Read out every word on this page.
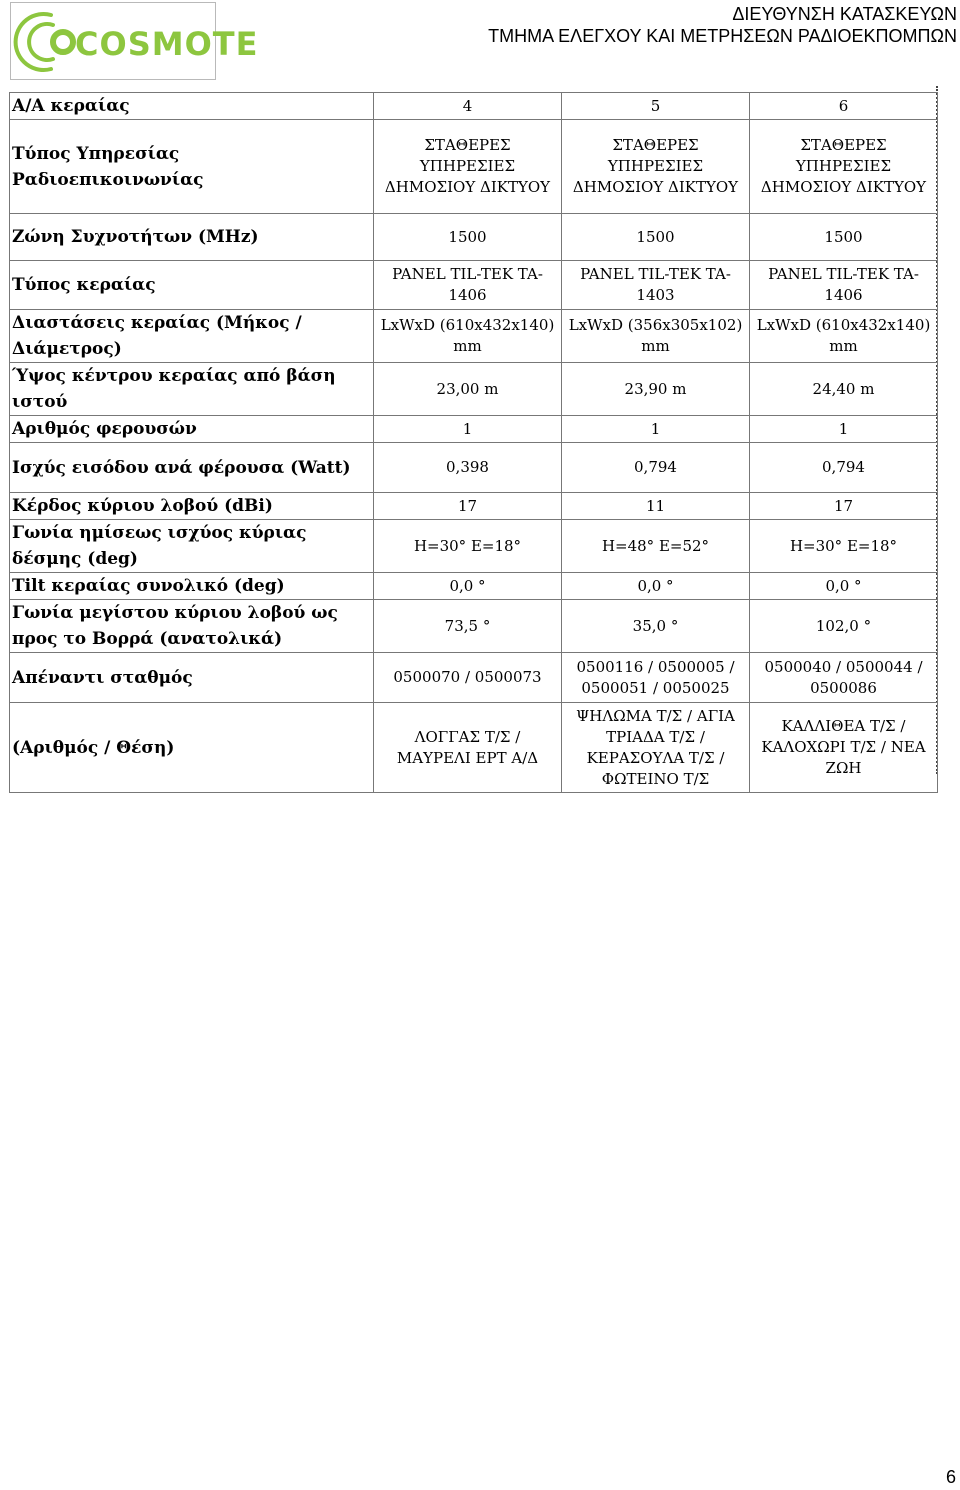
COSMOTE
ΔΙΕΥΘΥΝΣΗ ΚΑΤΑΣΚΕΥΩΝ
ΤΜΗΜΑ ΕΛΕΓΧΟΥ ΚΑΙ ΜΕΤΡΗΣΕΩΝ ΡΑΔΙΟΕΚΠΟΜΠΩΝ
Α/Α κεραίας	4	5	6
Τύπος Υπηρεσίας Ραδιοεπικοινωνίας	ΣΤΑΘΕΡΕΣ ΥΠΗΡΕΣΙΕΣ ΔΗΜΟΣΙΟΥ ΔΙΚΤΥΟΥ	ΣΤΑΘΕΡΕΣ ΥΠΗΡΕΣΙΕΣ ΔΗΜΟΣΙΟΥ ΔΙΚΤΥΟΥ	ΣΤΑΘΕΡΕΣ ΥΠΗΡΕΣΙΕΣ ΔΗΜΟΣΙΟΥ ΔΙΚΤΥΟΥ
Ζώνη Συχνοτήτων (MHz)	1500	1500	1500
Τύπος κεραίας	PANEL TIL-TEK TA-1406	PANEL TIL-TEK TA-1403	PANEL TIL-TEK TA-1406
Διαστάσεις κεραίας (Μήκος / Διάμετρος)	LxWxD (610x432x140) mm	LxWxD (356x305x102) mm	LxWxD (610x432x140) mm
Ύψος κέντρου κεραίας από βάση ιστού	23,00 m	23,90 m	24,40 m
Αριθμός φερουσών	1	1	1
Ισχύς εισόδου ανά φέρουσα (Watt)	0,398	0,794	0,794
Κέρδος κύριου λοβού (dBi)	17	11	17
Γωνία ημίσεως ισχύος κύριας δέσμης (deg)	H=30° E=18°	H=48° E=52°	H=30° E=18°
Tilt κεραίας συνολικό (deg)	0,0 °	0,0 °	0,0 °
Γωνία μεγίστου κύριου λοβού ως προς το Βορρά (ανατολικά)	73,5 °	35,0 °	102,0 °
Απέναντι σταθμός	0500070 / 0500073	0500116 / 0500005 / 0500051 / 0050025	0500040 / 0500044 / 0500086
(Αριθμός / Θέση)	ΛΟΓΓΑΣ Τ/Σ / ΜΑΥΡΕΛΙ ΕΡΤ Α/Δ	ΨΗΛΩΜΑ Τ/Σ / ΑΓΙΑ ΤΡΙΑΔΑ Τ/Σ / ΚΕΡΑΣΟΥΛΑ Τ/Σ / ΦΩΤΕΙΝΟ Τ/Σ	ΚΑΛΛΙΘΕΑ Τ/Σ / ΚΑΛΟΧΩΡΙ Τ/Σ / ΝΕΑ ΖΩΗ
6
